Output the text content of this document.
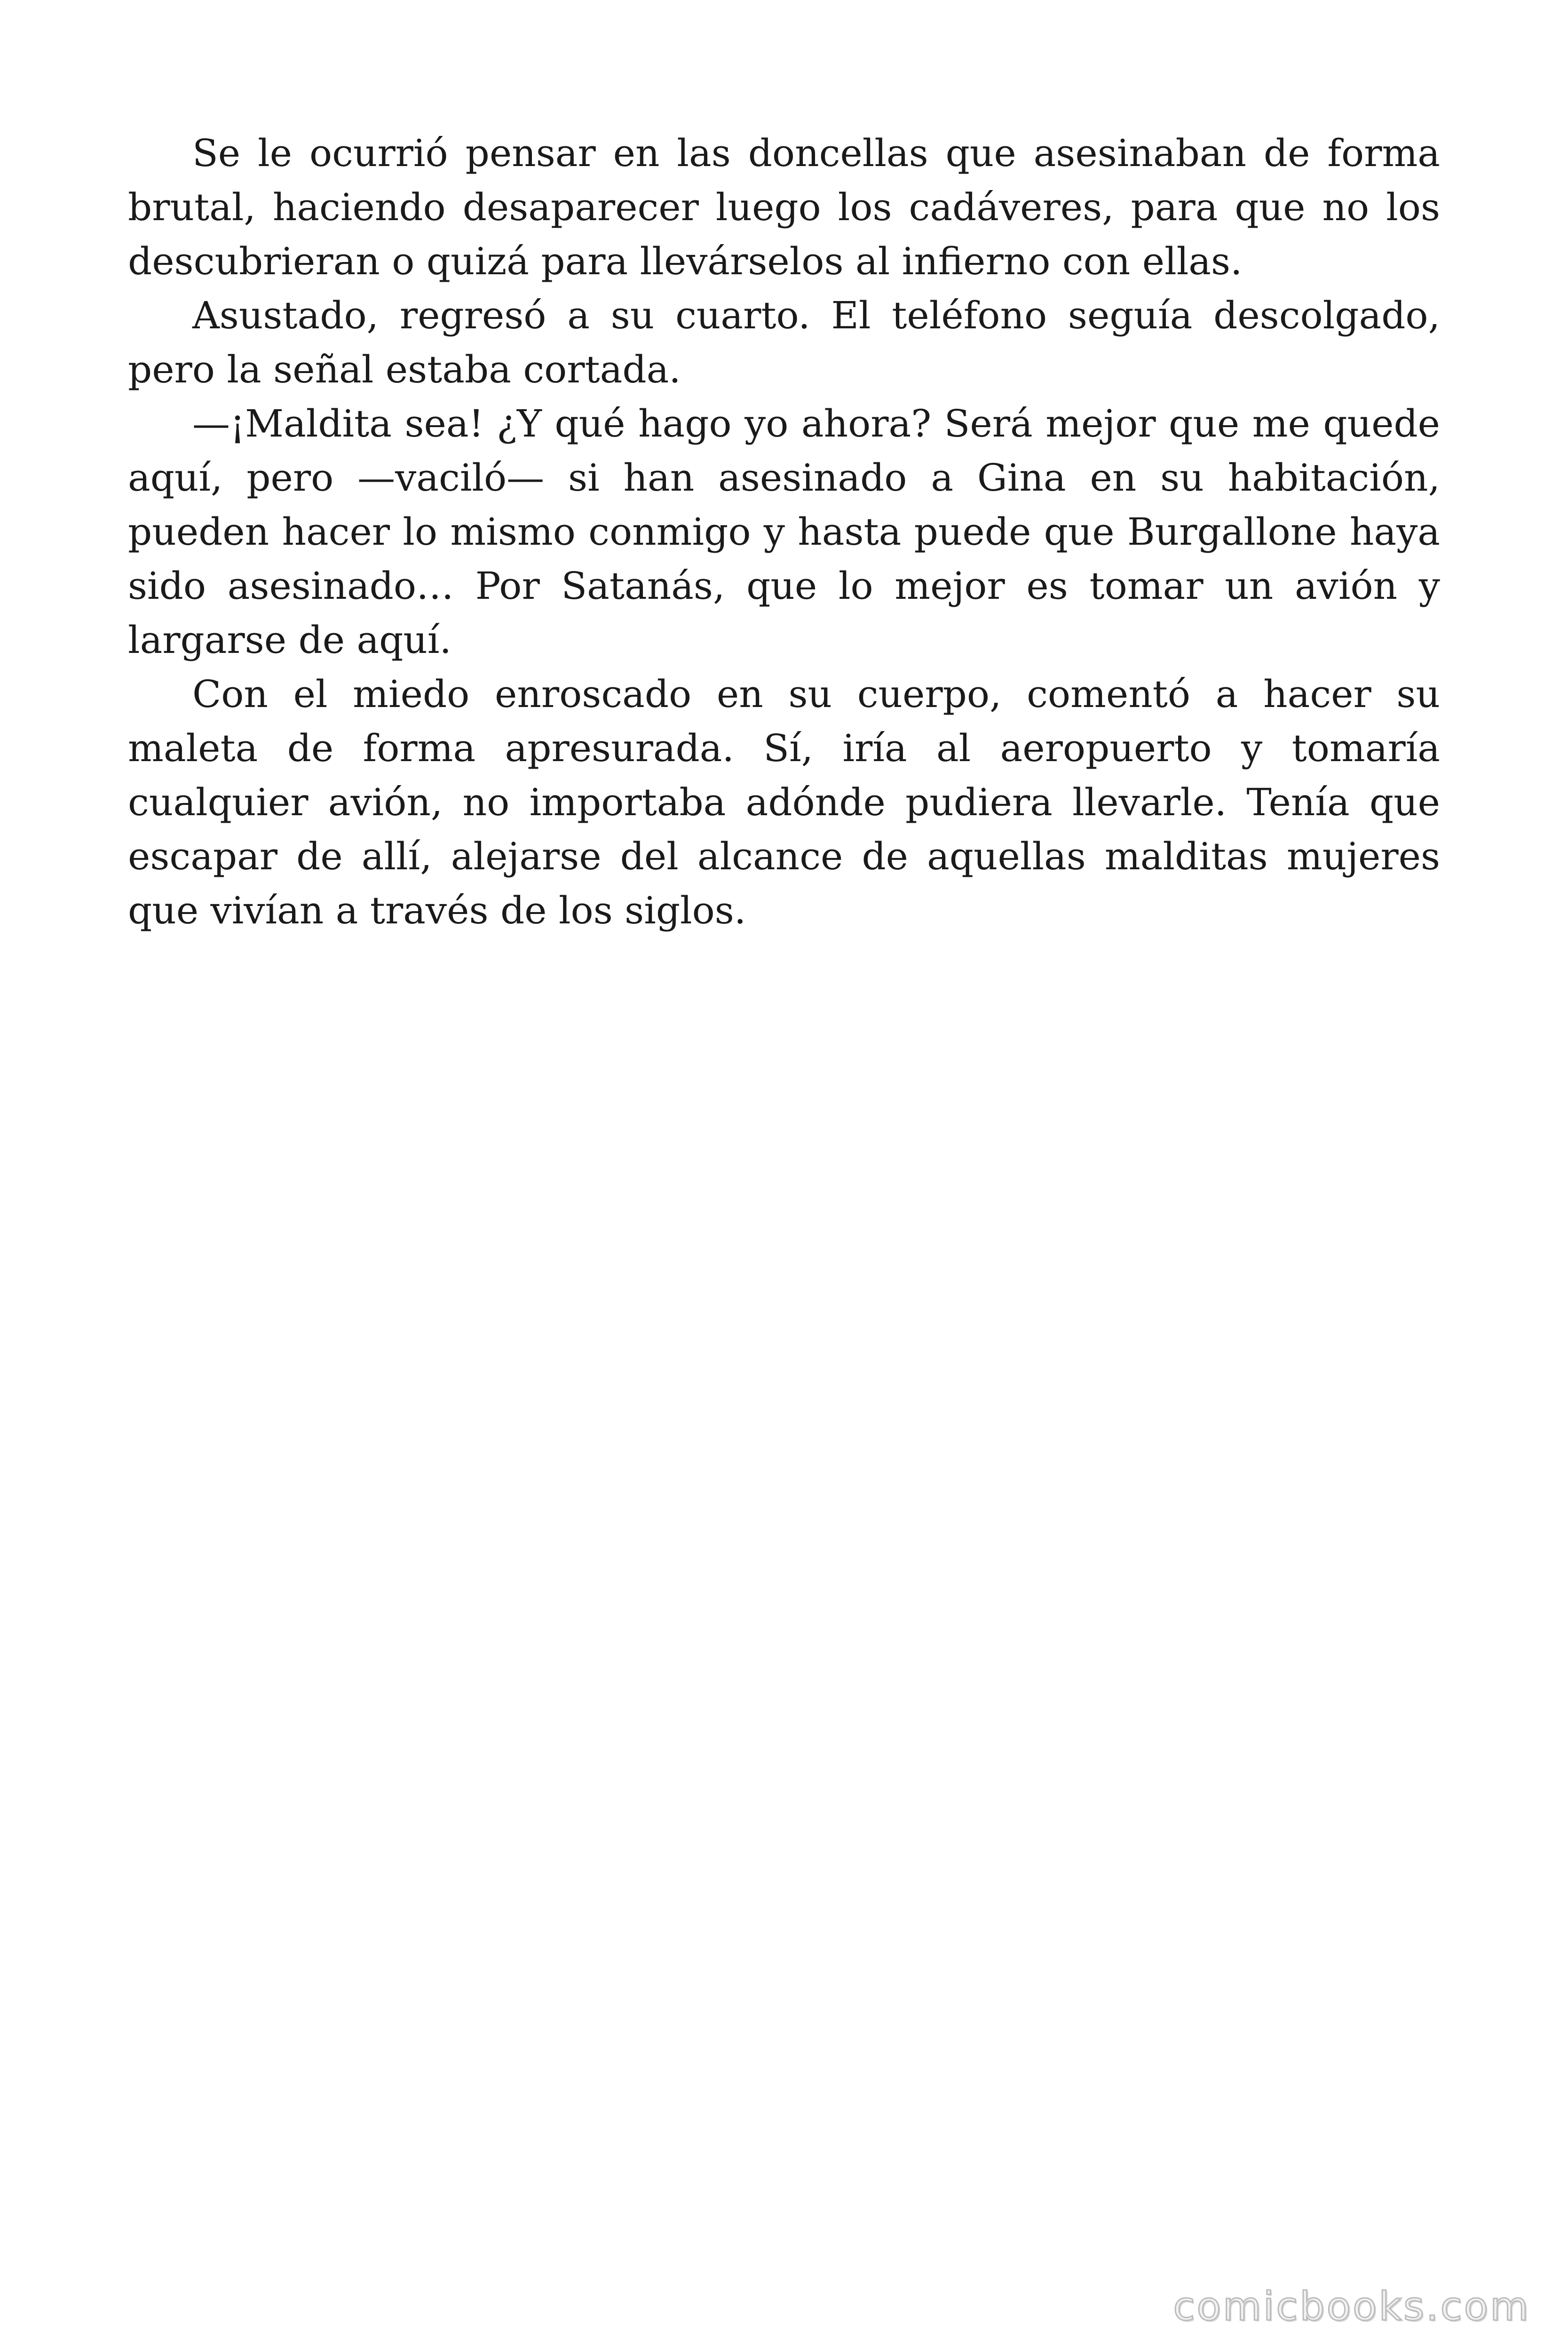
Se le ocurrió pensar en las doncellas que asesinaban de forma brutal, haciendo desaparecer luego los cadáveres, para que no los descubrieran o quizá para llevárselos al infierno con ellas.

Asustado, regresó a su cuarto. El teléfono seguía descolgado, pero la señal estaba cortada.

—¡Maldita sea! ¿Y qué hago yo ahora? Será mejor que me quede aquí, pero —vaciló— si han asesinado a Gina en su habitación, pueden hacer lo mismo conmigo y hasta puede que Burgallone haya sido asesinado… Por Satanás, que lo mejor es tomar un avión y largarse de aquí.

Con el miedo enroscado en su cuerpo, comentó a hacer su maleta de forma apresurada. Sí, iría al aeropuerto y tomaría cualquier avión, no importaba adónde pudiera llevarle. Tenía que escapar de allí, alejarse del alcance de aquellas malditas mujeres que vivían a través de los siglos.

comicbooks.com
